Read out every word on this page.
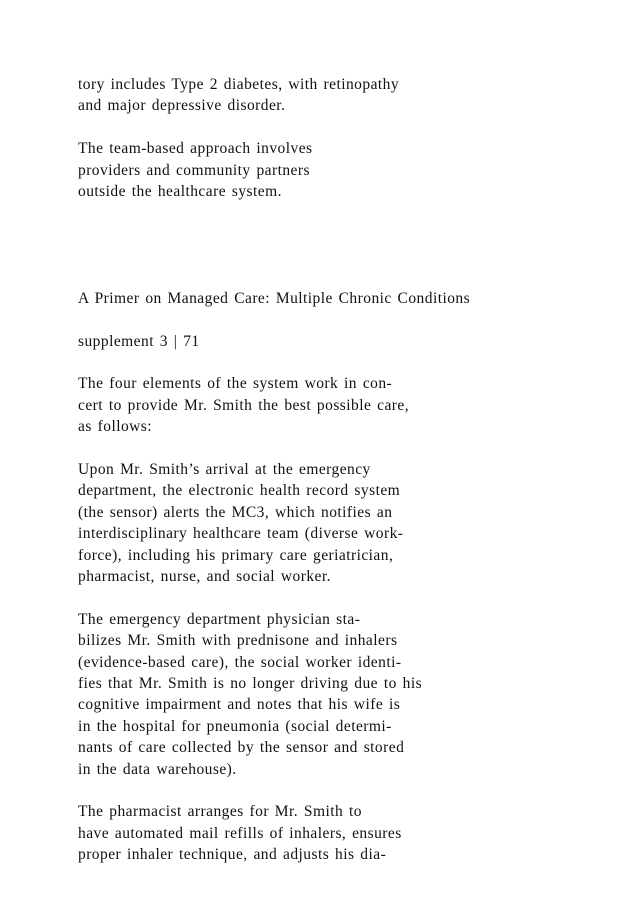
tory includes Type 2 diabetes, with retinopathy
and major depressive disorder.
The team-based approach involves
providers and community partners
outside the healthcare system.
A Primer on Managed Care: Multiple Chronic Conditions
supplement 3 | 71
The four elements of the system work in con-
cert to provide Mr. Smith the best possible care,
as follows:
Upon Mr. Smith’s arrival at the emergency
department, the electronic health record system
(the sensor) alerts the MC3, which notifies an
interdisciplinary healthcare team (diverse work-
force), including his primary care geriatrician,
pharmacist, nurse, and social worker.
The emergency department physician sta-
bilizes Mr. Smith with prednisone and inhalers
(evidence-based care), the social worker identi-
fies that Mr. Smith is no longer driving due to his
cognitive impairment and notes that his wife is
in the hospital for pneumonia (social determi-
nants of care collected by the sensor and stored
in the data warehouse).
The pharmacist arranges for Mr. Smith to
have automated mail refills of inhalers, ensures
proper inhaler technique, and adjusts his dia-
